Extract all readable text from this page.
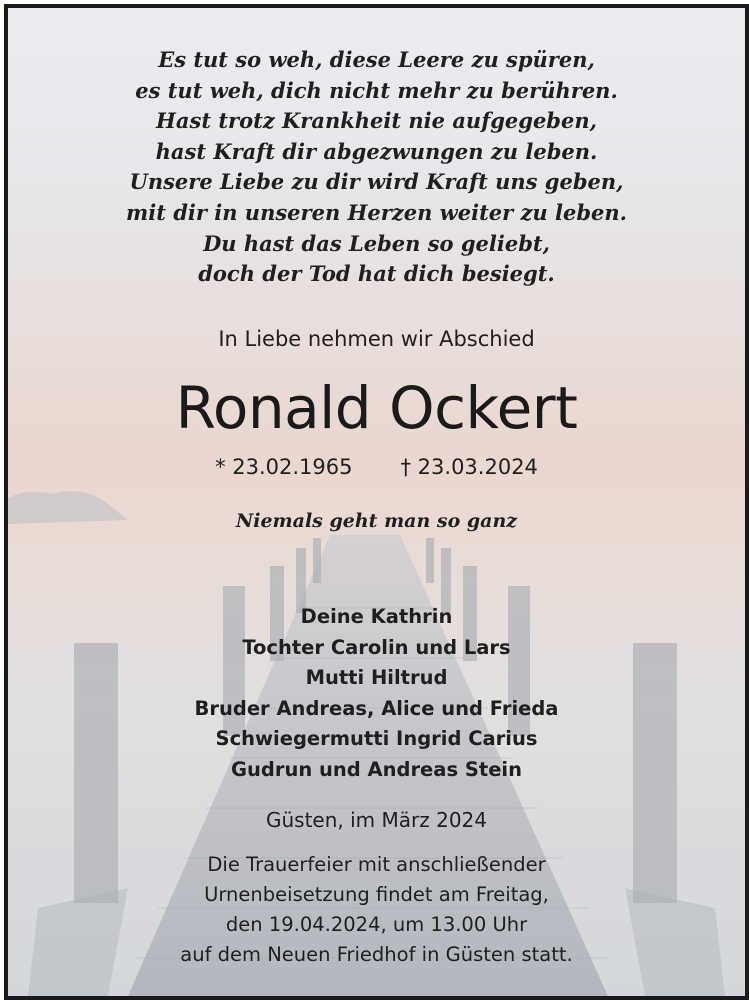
Es tut so weh, diese Leere zu spüren,
es tut weh, dich nicht mehr zu berühren.
Hast trotz Krankheit nie aufgegeben,
hast Kraft dir abgezwungen zu leben.
Unsere Liebe zu dir wird Kraft uns geben,
mit dir in unseren Herzen weiter zu leben.
Du hast das Leben so geliebt,
doch der Tod hat dich besiegt.
In Liebe nehmen wir Abschied
Ronald Ockert
* 23.02.1965 † 23.03.2024
Niemals geht man so ganz
Deine Kathrin
Tochter Carolin und Lars
Mutti Hiltrud
Bruder Andreas, Alice und Frieda
Schwiegermutti Ingrid Carius
Gudrun und Andreas Stein
Güsten, im März 2024
Die Trauerfeier mit anschließender
Urnenbeisetzung findet am Freitag,
den 19.04.2024, um 13.00 Uhr
auf dem Neuen Friedhof in Güsten statt.
